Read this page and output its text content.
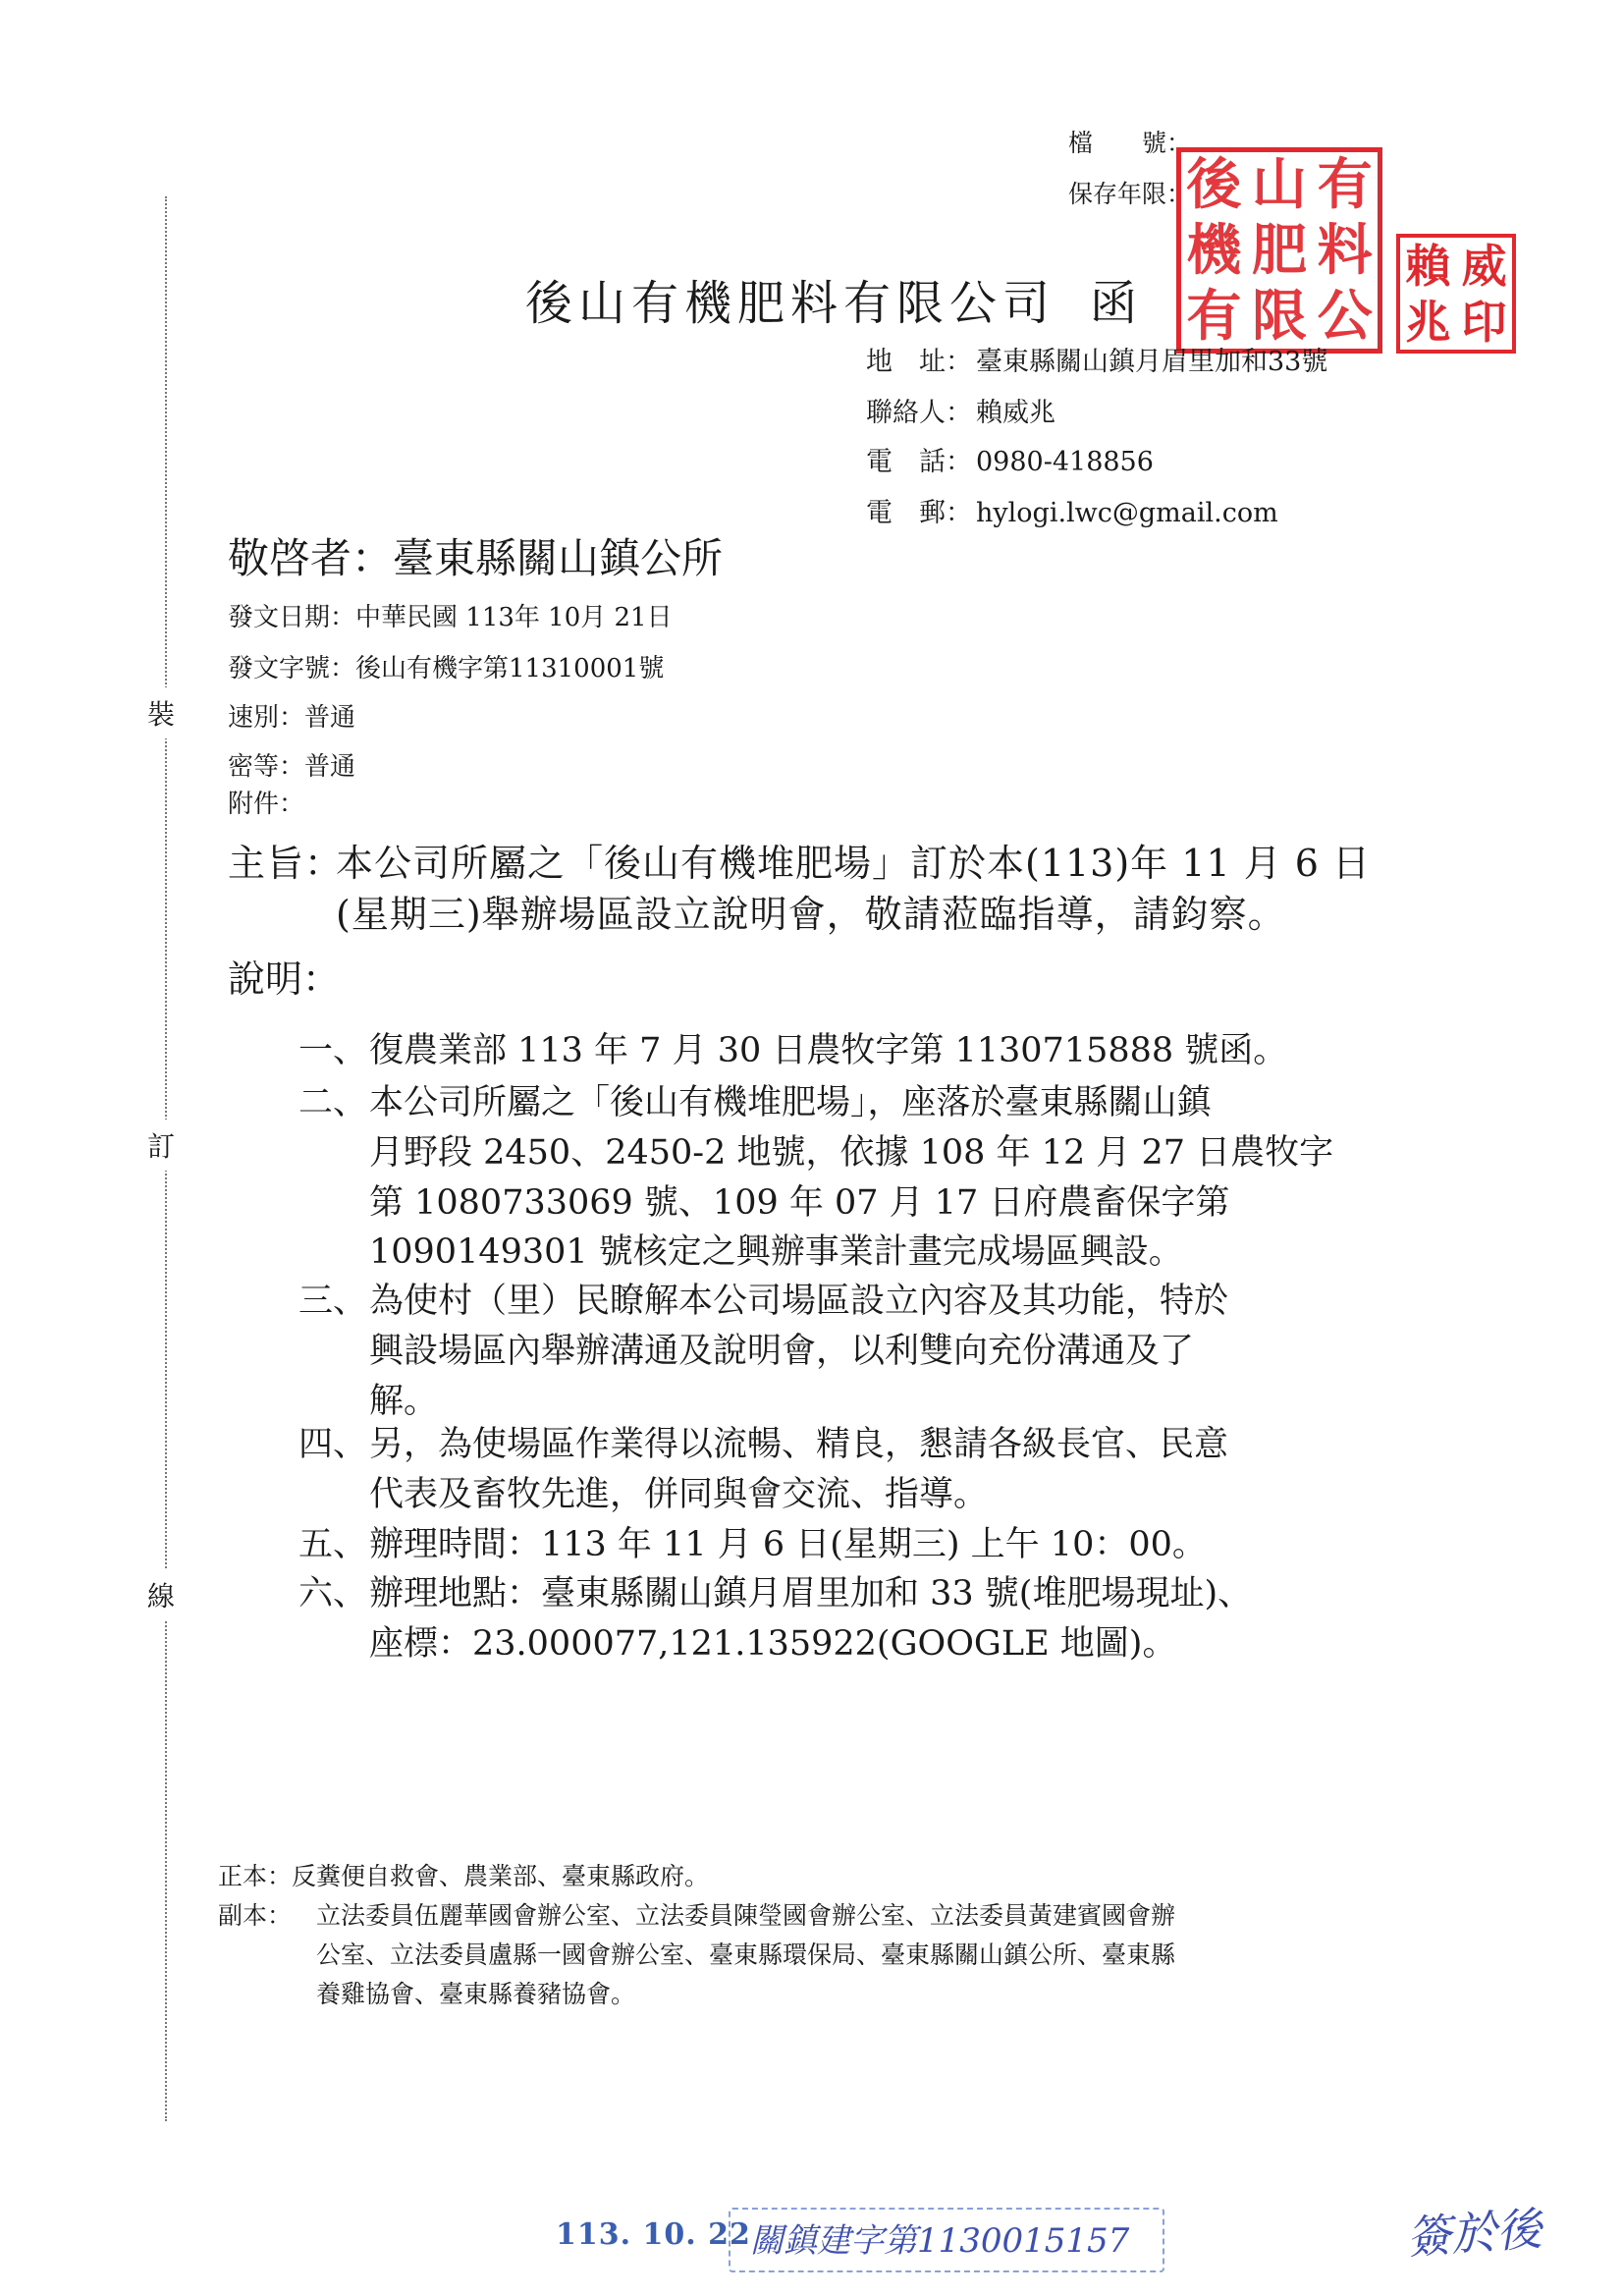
裝
訂
線
檔　　號：
保存年限：
後 山 有
機 肥 料
有 限 公
賴 威
兆 印
後山有機肥料有限公司 函
地　址： 臺東縣關山鎮月眉里加和33號
聯絡人： 賴威兆
電　話： 0980-418856
電　郵： hylogi.lwc@gmail.com
敬啓者：臺東縣關山鎮公所
發文日期：中華民國 113年 10月 21日
發文字號：後山有機字第11310001號
速別：普通
密等：普通
附件：
主旨：
本公司所屬之「後山有機堆肥場」訂於本(113)年 11 月 6 日
(星期三)舉辦場區設立說明會，敬請蒞臨指導，請鈞察。
說明：
一、 復農業部 113 年 7 月 30 日農牧字第 1130715888 號函。
二、 本公司所屬之「後山有機堆肥場」，座落於臺東縣關山鎮
月野段 2450、2450-2 地號，依據 108 年 12 月 27 日農牧字
第 1080733069 號、109 年 07 月 17 日府農畜保字第
1090149301 號核定之興辦事業計畫完成場區興設。
三、 為使村（里）民瞭解本公司場區設立內容及其功能，特於
興設場區內舉辦溝通及說明會，以利雙向充份溝通及了
解。
四、 另，為使場區作業得以流暢、精良，懇請各級長官、民意
代表及畜牧先進，併同與會交流、指導。
五、 辦理時間：113 年 11 月 6 日(星期三) 上午 10：00。
六、 辦理地點：臺東縣關山鎮月眉里加和 33 號(堆肥場現址)、
座標：23.000077,121.135922(GOOGLE 地圖)。
正本：反糞便自救會、農業部、臺東縣政府。
副本： 立法委員伍麗華國會辦公室、立法委員陳瑩國會辦公室、立法委員黃建賓國會辦
公室、立法委員盧縣一國會辦公室、臺東縣環保局、臺東縣關山鎮公所、臺東縣
養雞協會、臺東縣養豬協會。
113. 10. 22 關鎮建字第1130015157	簽於後
